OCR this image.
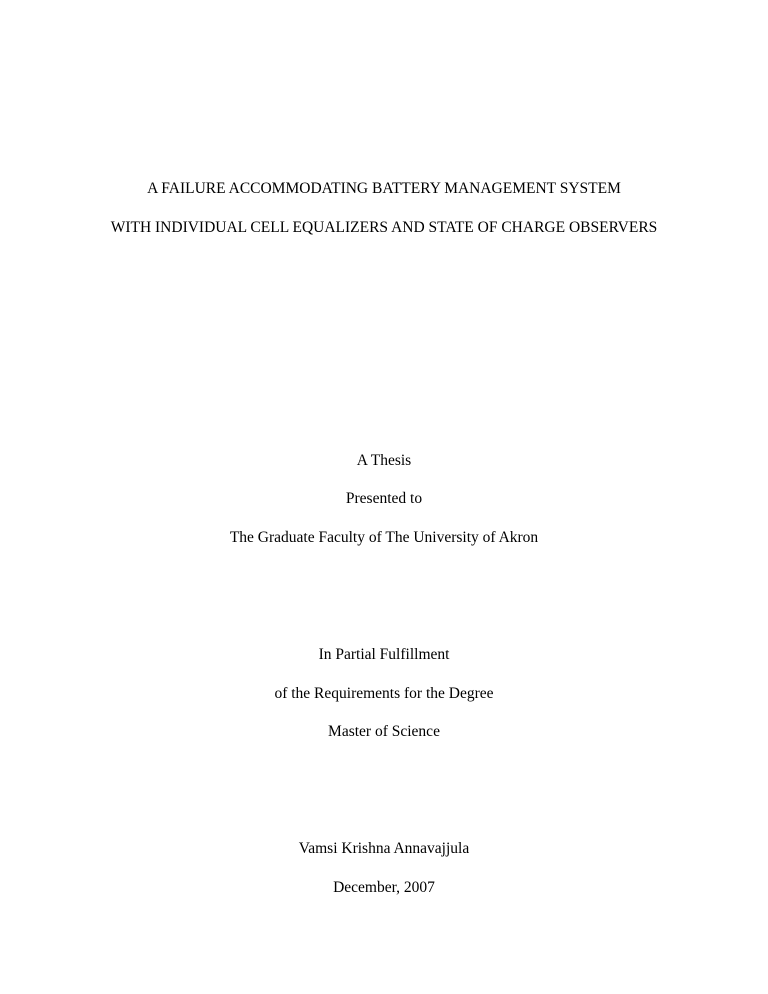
A FAILURE ACCOMMODATING BATTERY MANAGEMENT SYSTEM
WITH INDIVIDUAL CELL EQUALIZERS AND STATE OF CHARGE OBSERVERS
A Thesis
Presented to
The Graduate Faculty of The University of Akron
In Partial Fulfillment
of the Requirements for the Degree
Master of Science
Vamsi Krishna Annavajjula
December, 2007
